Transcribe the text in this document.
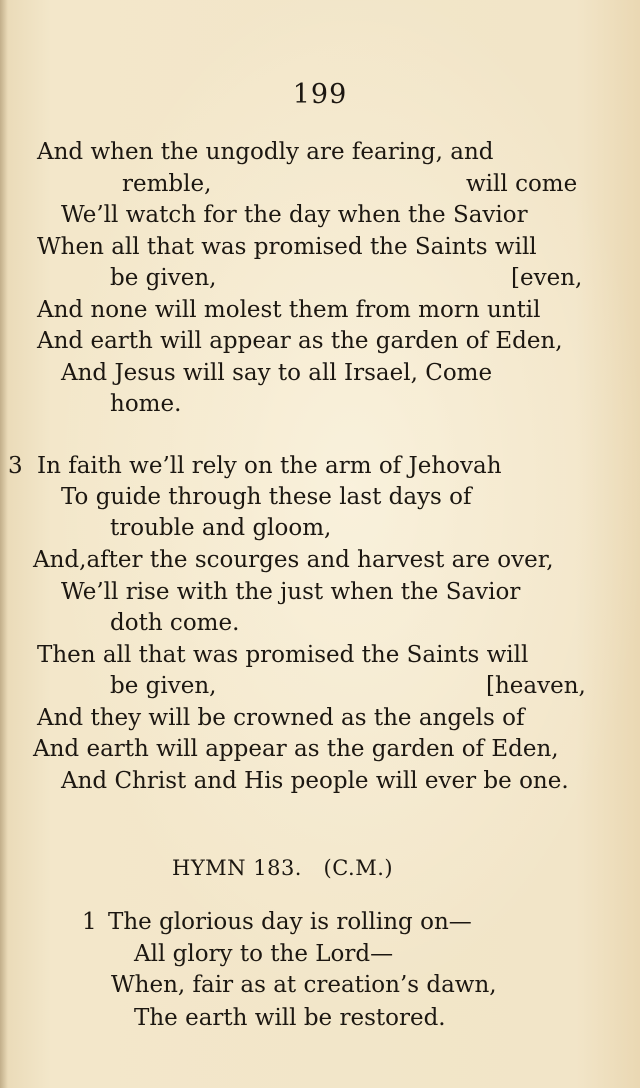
199
And when the ungodly are fearing, and
remble,	will come
We’ll watch for the day when the Savior
When all that was promised the Saints will
be given,	[even,
And none will molest them from morn until
And earth will appear as the garden of Eden,
And Jesus will say to all Irsael, Come
home.
3 In faith we’ll rely on the arm of Jehovah
To guide through these last days of
trouble and gloom,
And,after the scourges and harvest are over,
We’ll rise with the just when the Savior
doth come.
Then all that was promised the Saints will
be given,	[heaven,
And they will be crowned as the angels of
And earth will appear as the garden of Eden,
And Christ and His people will ever be one.
HYMN 183.   (C.M.)
1 The glorious day is rolling on—
All glory to the Lord—
When, fair as at creation’s dawn,
The earth will be restored.
